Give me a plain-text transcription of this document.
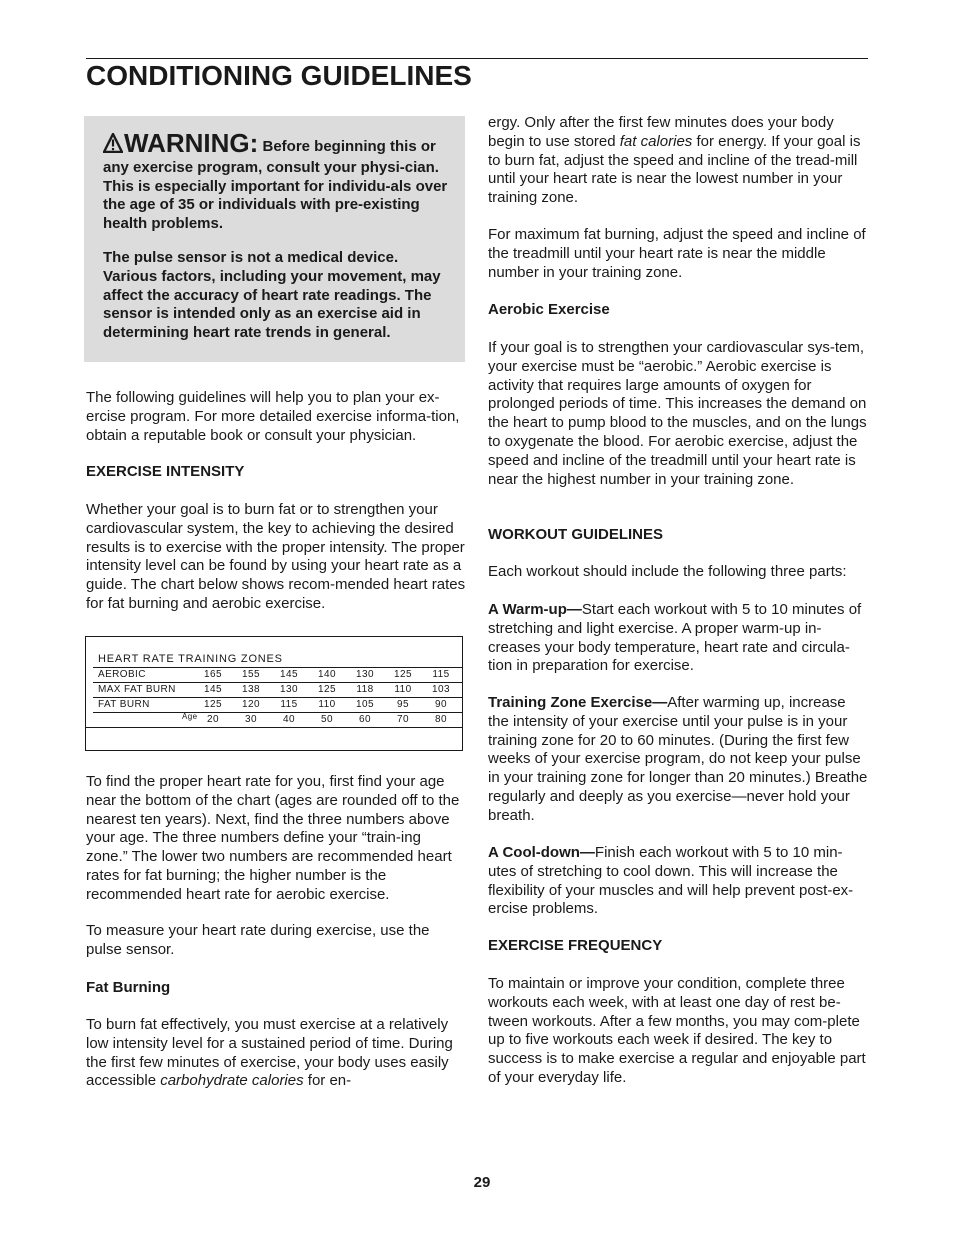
CONDITIONING GUIDELINES

WARNING: Before beginning this or any exercise program, consult your physi-cian. This is especially important for individu-als over the age of 35 or individuals with pre-existing health problems.

The pulse sensor is not a medical device. Various factors, including your movement, may affect the accuracy of heart rate readings. The sensor is intended only as an exercise aid in determining heart rate trends in general.

The following guidelines will help you to plan your ex-ercise program. For more detailed exercise informa-tion, obtain a reputable book or consult your physician.

EXERCISE INTENSITY

Whether your goal is to burn fat or to strengthen your cardiovascular system, the key to achieving the desired results is to exercise with the proper intensity. The proper intensity level can be found by using your heart rate as a guide. The chart below shows recom-mended heart rates for fat burning and aerobic exercise.

To find the proper heart rate for you, first find your age near the bottom of the chart (ages are rounded off to the nearest ten years). Next, find the three numbers above your age. The three numbers define your “train-ing zone.” The lower two numbers are recommended heart rates for fat burning; the higher number is the recommended heart rate for aerobic exercise.

To measure your heart rate during exercise, use the pulse sensor.

Fat Burning

To burn fat effectively, you must exercise at a relatively low intensity level for a sustained period of time. During the first few minutes of exercise, your body uses easily accessible carbohydrate calories for en-

HEART RATE TRAINING ZONES
AEROBIC	165	155	145	140	130	125	115
MAX FAT BURN	145	138	130	125	118	110	103
FAT BURN	125	120	115	110	105	95	90
Age 20	30	40	50	60	70	80

ergy. Only after the first few minutes does your body begin to use stored fat calories for energy. If your goal is to burn fat, adjust the speed and incline of the tread-mill until your heart rate is near the lowest number in your training zone.

For maximum fat burning, adjust the speed and incline of the treadmill until your heart rate is near the middle number in your training zone.

Aerobic Exercise

If your goal is to strengthen your cardiovascular sys-tem, your exercise must be “aerobic.” Aerobic exercise is activity that requires large amounts of oxygen for prolonged periods of time. This increases the demand on the heart to pump blood to the muscles, and on the lungs to oxygenate the blood. For aerobic exercise, adjust the speed and incline of the treadmill until your heart rate is near the highest number in your training zone.

WORKOUT GUIDELINES

Each workout should include the following three parts:

A Warm-up—Start each workout with 5 to 10 minutes of stretching and light exercise. A proper warm-up in-creases your body temperature, heart rate and circula-tion in preparation for exercise.

Training Zone Exercise—After warming up, increase the intensity of your exercise until your pulse is in your training zone for 20 to 60 minutes. (During the first few weeks of your exercise program, do not keep your pulse in your training zone for longer than 20 minutes.) Breathe regularly and deeply as you exercise—never hold your breath.

A Cool-down—Finish each workout with 5 to 10 min-utes of stretching to cool down. This will increase the flexibility of your muscles and will help prevent post-ex-ercise problems.

EXERCISE FREQUENCY

To maintain or improve your condition, complete three workouts each week, with at least one day of rest be-tween workouts. After a few months, you may com-plete up to five workouts each week if desired. The key to success is to make exercise a regular and enjoyable part of your everyday life.

29
